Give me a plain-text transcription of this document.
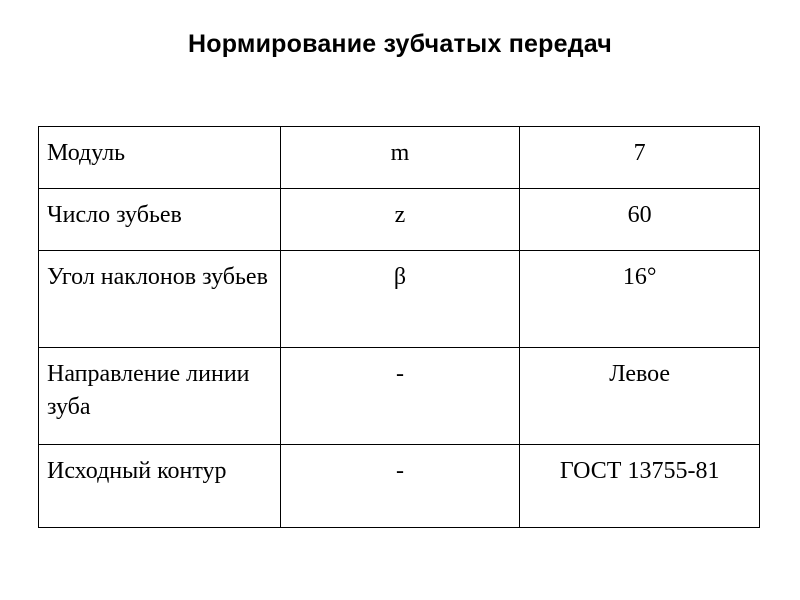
Нормирование зубчатых передач
Модуль	m	7
Число зубьев	z	60
Угол наклонов зубьев	β	16°
Направление линии зуба	-	Левое
Исходный контур	-	ГОСТ 13755-81
